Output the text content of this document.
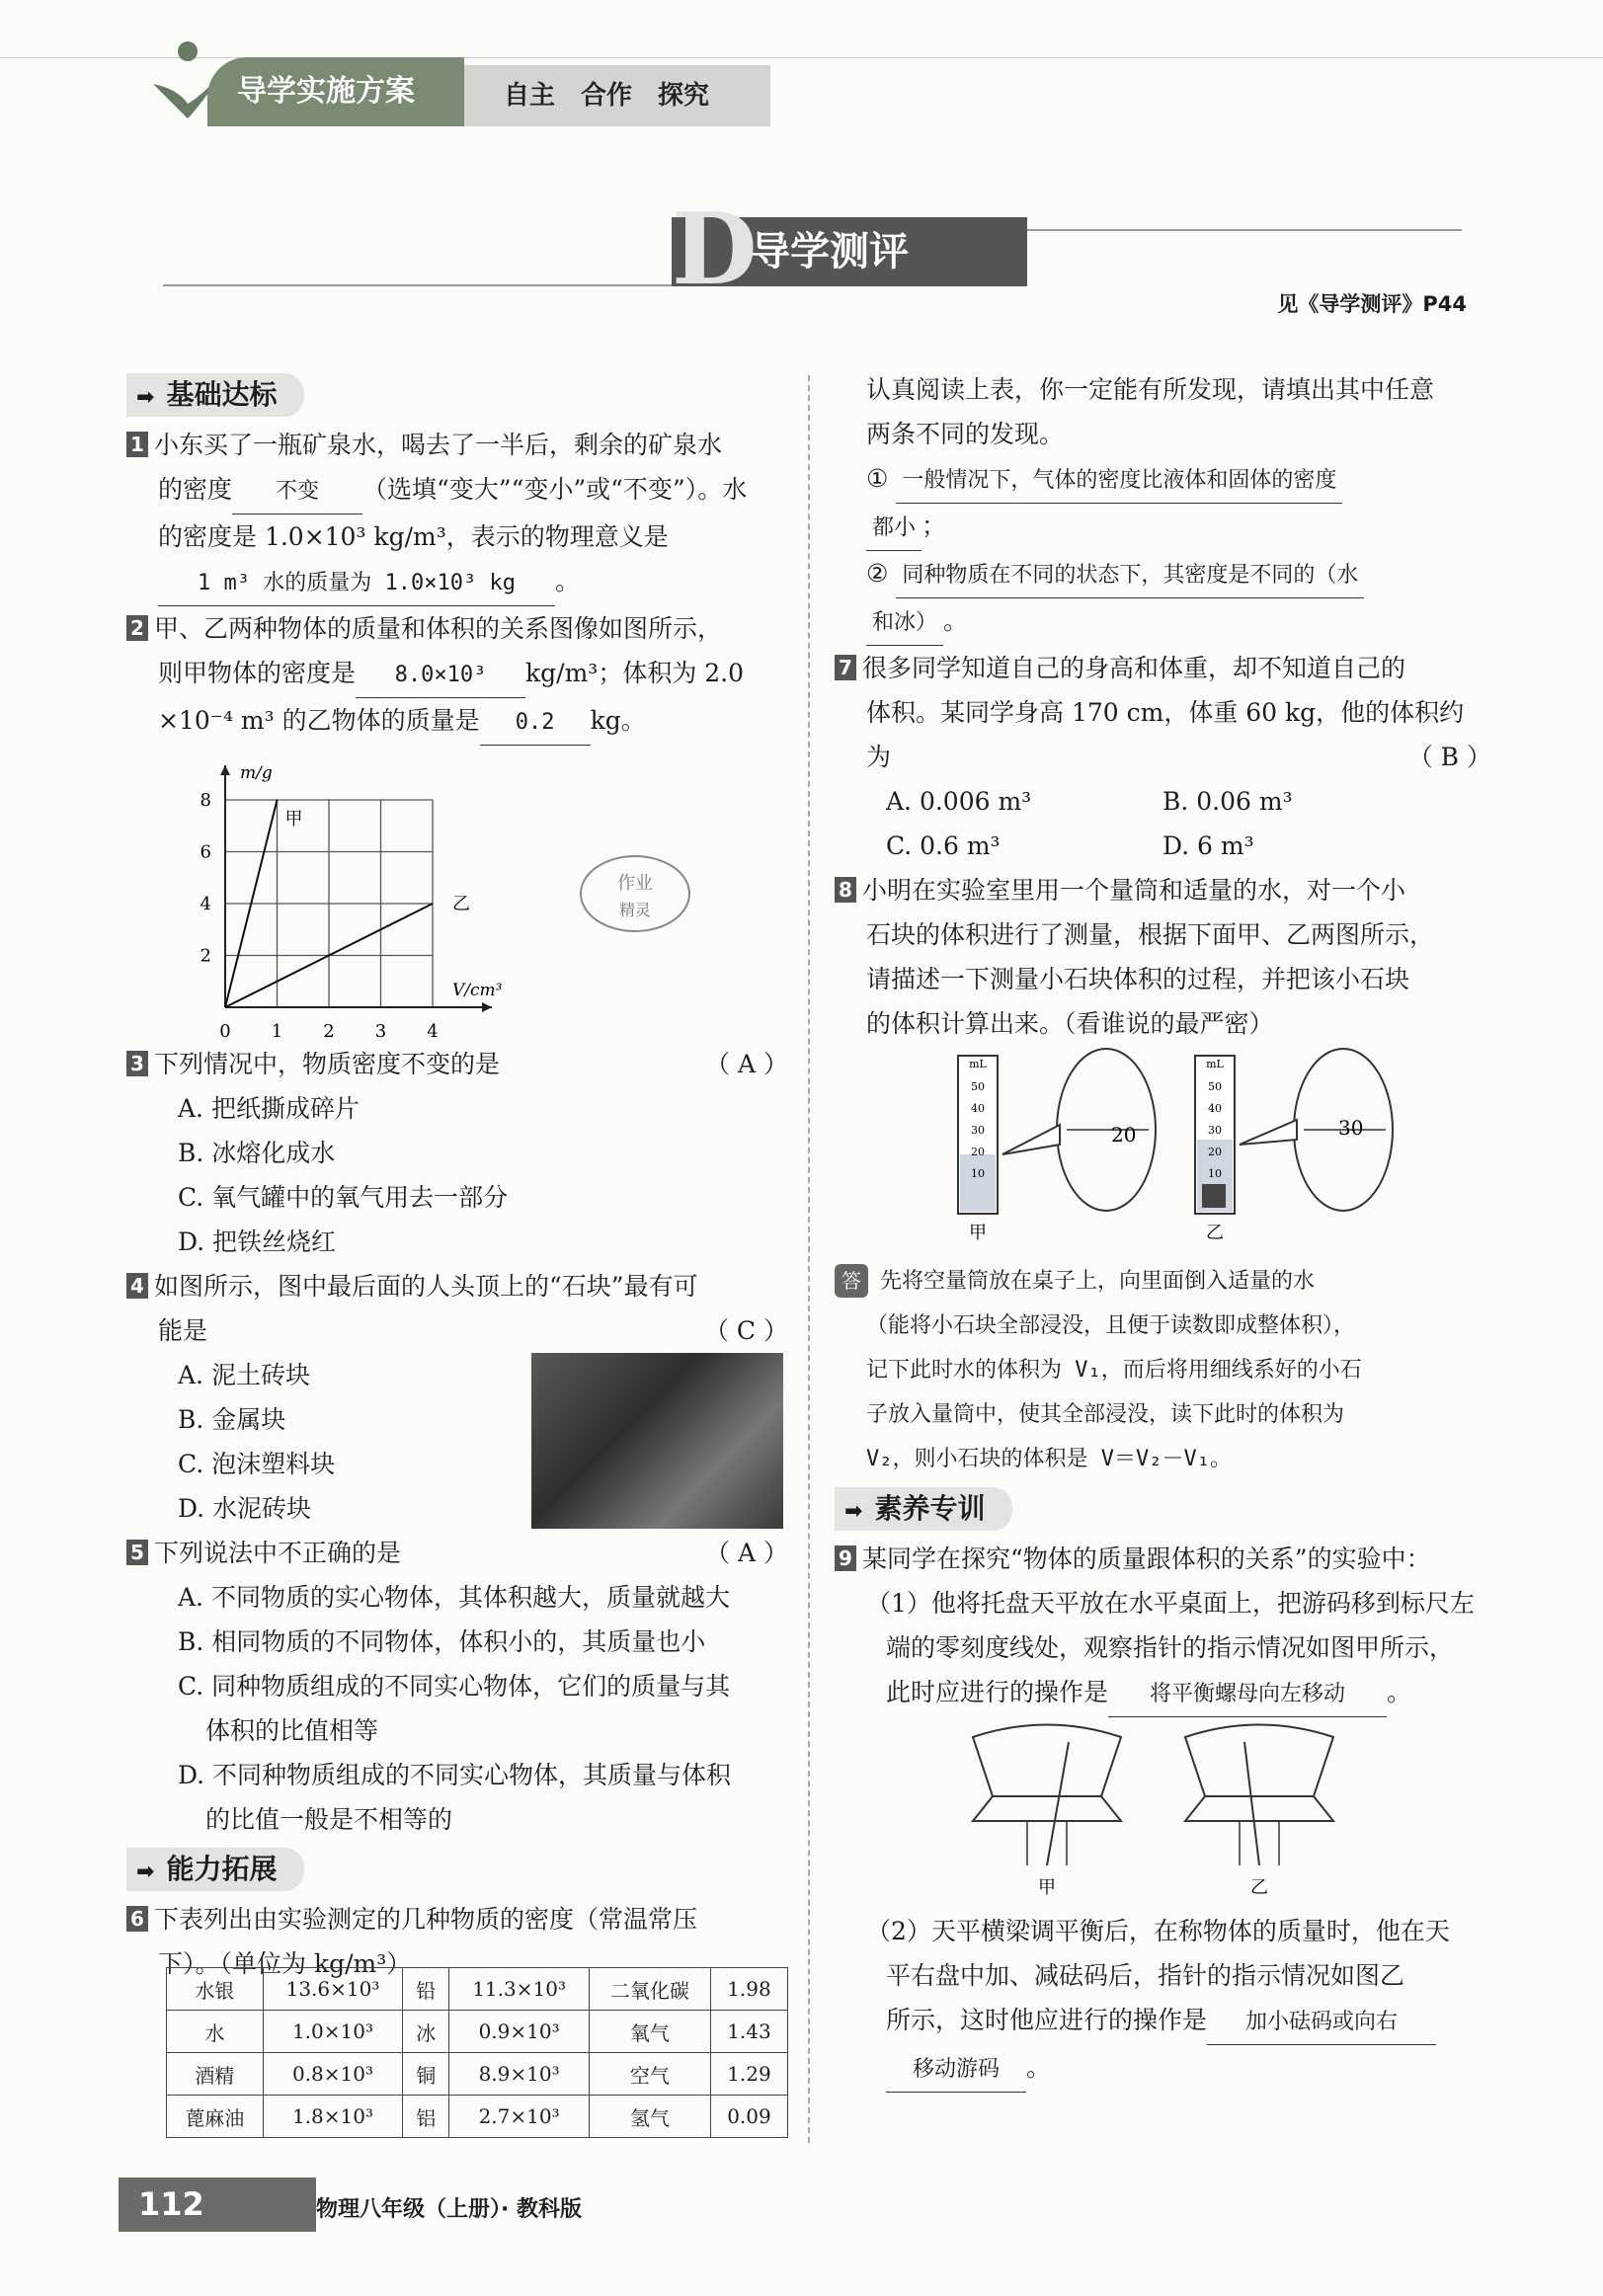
导学实施方案	自主　合作　探究
导学测评
D	见《导学测评》P44
➡ 基础达标

1 小东买了一瓶矿泉水，喝去了一半后，剩余的矿泉水

的密度 不变 （选填“变大”“变小”或“不变”）。水

的密度是 1.0×10³ kg/m³，表示的物理意义是

1 m³ 水的质量为 1.0×10³ kg 。

2 甲、乙两种物体的质量和体积的关系图像如图所示，

则甲物体的密度是 8.0×10³ kg/m³；体积为 2.0

×10⁻⁴ m³ 的乙物体的质量是 0.2 kg。

0 1 2 3 4
2
4
6
8
m/g
V/cm³
甲
乙
作业
精灵

3 下列情况中，物质密度不变的是	（ A ）

A. 把纸撕成碎片

B. 冰熔化成水

C. 氧气罐中的氧气用去一部分

D. 把铁丝烧红

4 如图所示，图中最后面的人头顶上的“石块”最有可

能是	（ C ）

A. 泥土砖块

B. 金属块

C. 泡沫塑料块

D. 水泥砖块

5 下列说法中不正确的是	（ A ）

A. 不同物质的实心物体，其体积越大，质量就越大

B. 相同物质的不同物体，体积小的，其质量也小

C. 同种物质组成的不同实心物体，它们的质量与其

体积的比值相等

D. 不同种物质组成的不同实心物体，其质量与体积

的比值一般是不相等的

➡ 能力拓展

6 下表列出由实验测定的几种物质的密度（常温常压

下）。（单位为 kg/m³）

水银	13.6×10³	铅	11.3×10³	二氧化碳	1.98
水	1.0×10³	冰	0.9×10³	氧气	1.43
酒精	0.8×10³	铜	8.9×10³	空气	1.29
蓖麻油	1.8×10³	铝	2.7×10³	氢气	0.09

认真阅读上表，你一定能有所发现，请填出其中任意

两条不同的发现。

① 一般情况下，气体的密度比液体和固体的密度

都小 ；

② 同种物质在不同的状态下，其密度是不同的（水

和冰） 。

7 很多同学知道自己的身高和体重，却不知道自己的

体积。某同学身高 170 cm，体重 60 kg，他的体积约

为	（ B ）

A. 0.006 m³	B. 0.06 m³

C. 0.6 m³	D. 6 m³

8 小明在实验室里用一个量筒和适量的水，对一个小

石块的体积进行了测量，根据下面甲、乙两图所示，

请描述一下测量小石块体积的过程，并把该小石块

的体积计算出来。（看谁说的最严密）

mL
50
40
30
20
10
20
甲
mL
50
40
30
20
10
30
乙

答 先将空量筒放在桌子上，向里面倒入适量的水

（能将小石块全部浸没，且便于读数即成整体积），

记下此时水的体积为 V₁，而后将用细线系好的小石

子放入量筒中，使其全部浸没，读下此时的体积为

V₂，则小石块的体积是 V＝V₂－V₁。

➡ 素养专训

9 某同学在探究“物体的质量跟体积的关系”的实验中：

（1）他将托盘天平放在水平桌面上，把游码移到标尺左

端的零刻度线处，观察指针的指示情况如图甲所示，

此时应进行的操作是 将平衡螺母向左移动 。

甲	乙

（2）天平横梁调平衡后，在称物体的质量时，他在天

平右盘中加、减砝码后，指针的指示情况如图乙

所示，这时他应进行的操作是 加小砝码或向右

移动游码 。

112	物理八年级（上册）· 教科版
